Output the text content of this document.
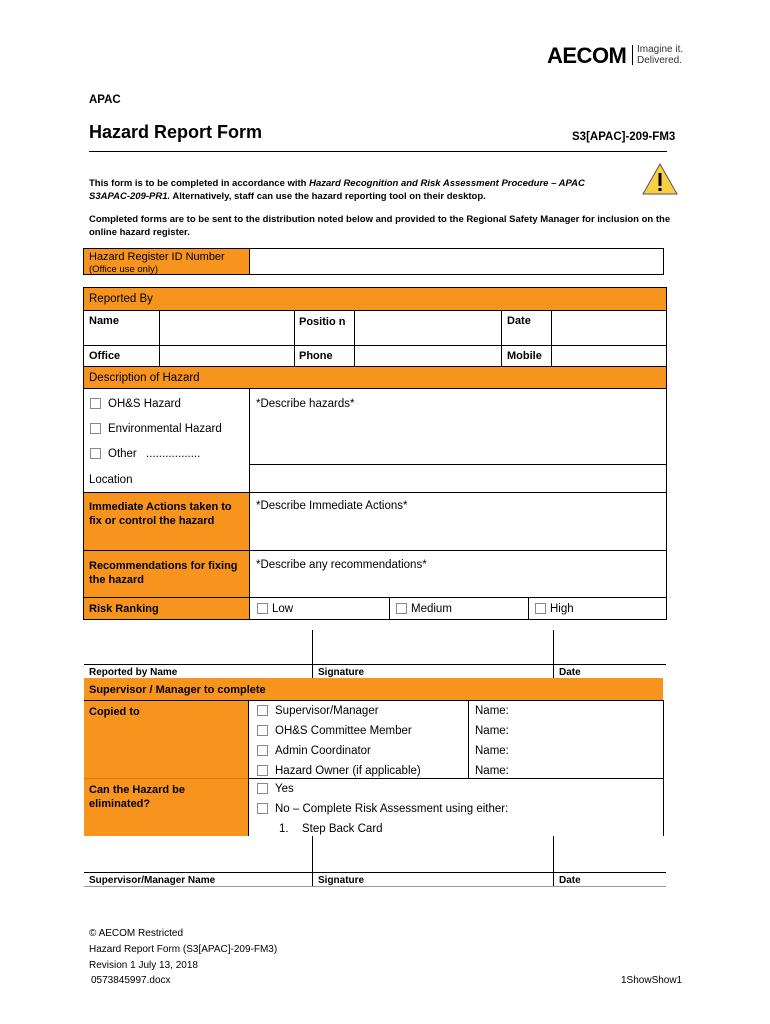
AECOM Imagine it.
Delivered.
APAC
Hazard Report Form	S3[APAC]-209-FM3
This form is to be completed in accordance with Hazard Recognition and Risk Assessment Procedure – APAC S3APAC-209-PR1. Alternatively, staff can use the hazard reporting tool on their desktop.
Completed forms are to be sent to the distribution noted below and provided to the Regional Safety Manager for inclusion on the online hazard register.
Hazard Register ID Number
(Office use only)
Reported By
Name	Positio n	Date
Office	Phone	Mobile
Description of Hazard
OH&S Hazard
Environmental Hazard
Other .................
Location
*Describe hazards*
Immediate Actions taken to fix or control the hazard
*Describe Immediate Actions*
Recommendations for fixing the hazard
*Describe any recommendations*
Risk Ranking	Low	Medium	High
Reported by Name	Signature	Date
Supervisor / Manager to complete
Copied to	Supervisor/Manager	Name:
OH&S Committee Member	Name:
Admin Coordinator	Name:
Hazard Owner (if applicable)	Name:
Can the Hazard be eliminated?
Yes
No – Complete Risk Assessment using either:
1. Step Back Card
Supervisor/Manager Name	Signature	Date
© AECOM Restricted
Hazard Report Form (S3[APAC]-209-FM3)
Revision 1 July 13, 2018
0573845997.docx	1ShowShow1
